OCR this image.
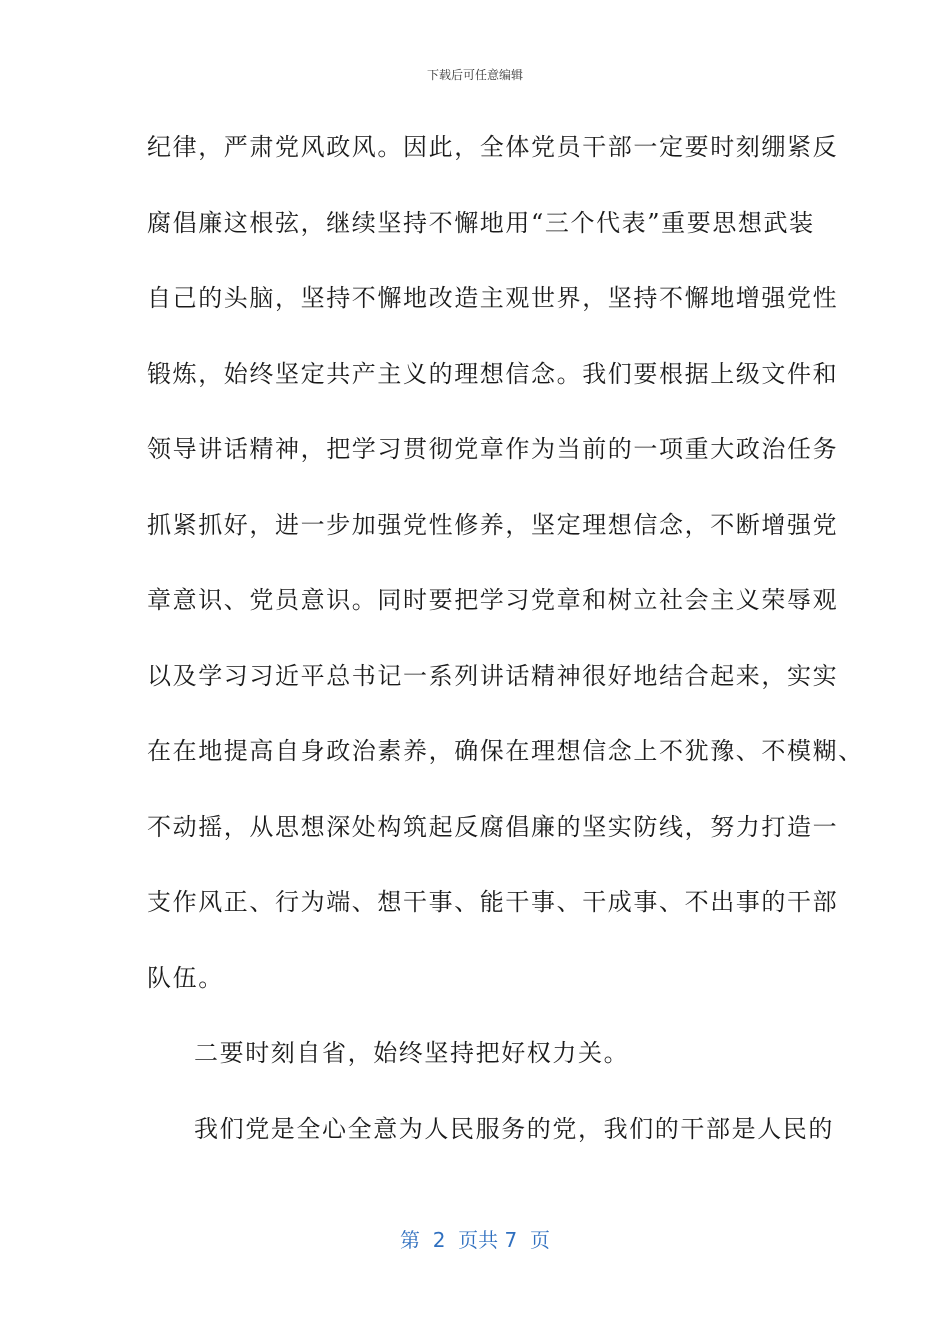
下载后可任意编辑
纪律，严肃党风政风。因此，全体党员干部一定要时刻绷紧反
腐倡廉这根弦，继续坚持不懈地用“三个代表”重要思想武装
自己的头脑，坚持不懈地改造主观世界，坚持不懈地增强党性
锻炼，始终坚定共产主义的理想信念。我们要根据上级文件和
领导讲话精神，把学习贯彻党章作为当前的一项重大政治任务
抓紧抓好，进一步加强党性修养，坚定理想信念，不断增强党
章意识、党员意识。同时要把学习党章和树立社会主义荣辱观
以及学习习近平总书记一系列讲话精神很好地结合起来，实实
在在地提高自身政治素养，确保在理想信念上不犹豫、不模糊、
不动摇，从思想深处构筑起反腐倡廉的坚实防线，努力打造一
支作风正、行为端、想干事、能干事、干成事、不出事的干部
队伍。
二要时刻自省，始终坚持把好权力关。
我们党是全心全意为人民服务的党，我们的干部是人民的
第  2  页共 7  页
